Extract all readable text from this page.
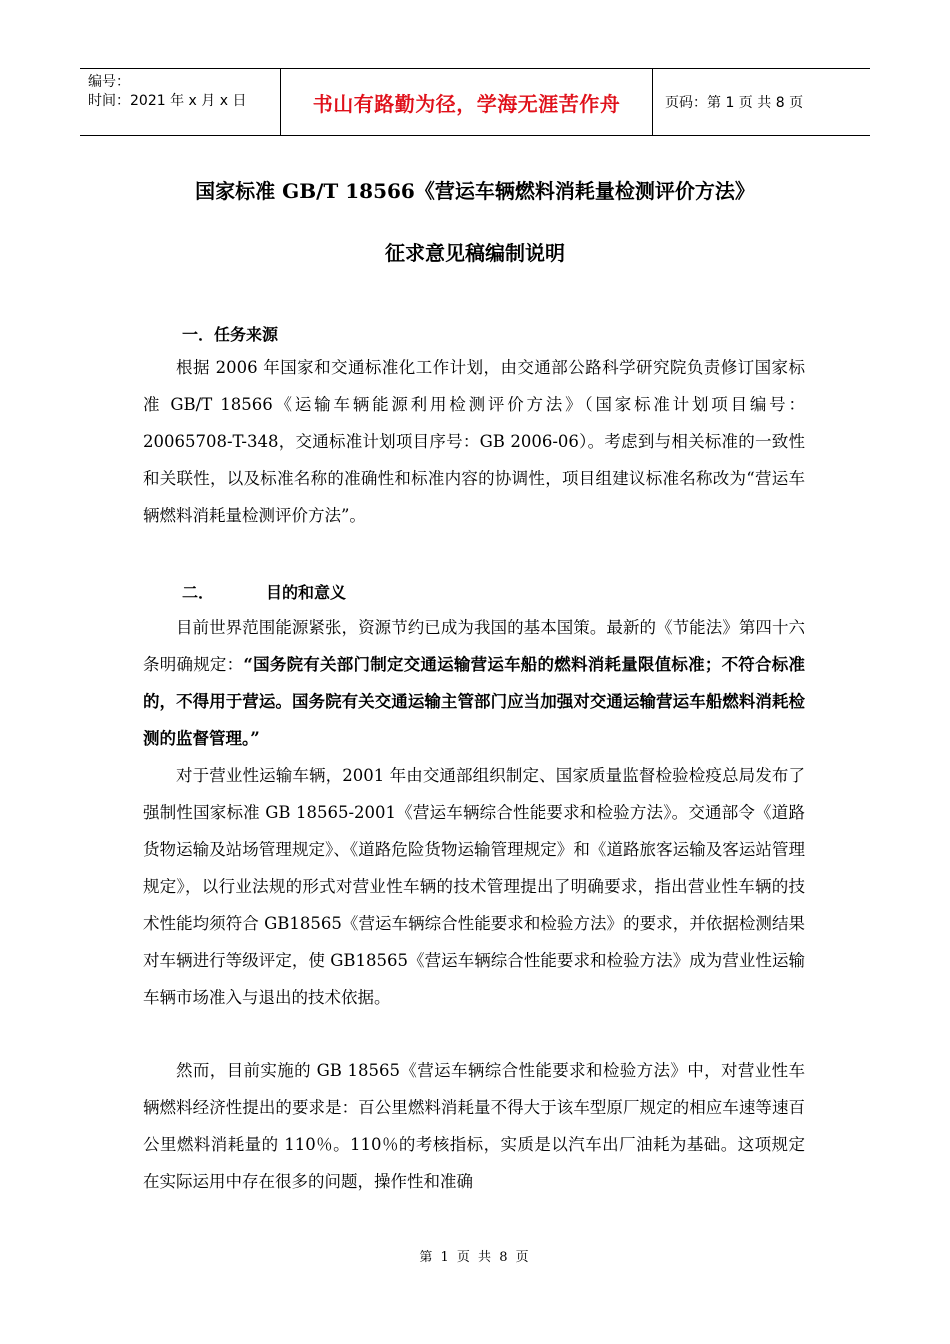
编号：
时间：2021 年 x 月 x 日	书山有路勤为径，学海无涯苦作舟	页码：第 1 页 共 8 页
国家标准 GB/T 18566《营运车辆燃料消耗量检测评价方法》
征求意见稿编制说明
一．任务来源

根据 2006 年国家和交通标准化工作计划，由交通部公路科学研究院负责修订国家标准 GB/T 18566《运输车辆能源利用检测评价方法》（国家标准计划项目编号：20065708-T-348，交通标准计划项目序号：GB 2006-06）。考虑到与相关标准的一致性和关联性，以及标准名称的准确性和标准内容的协调性，项目组建议标准名称改为“营运车辆燃料消耗量检测评价方法”。

二．	目的和意义

目前世界范围能源紧张，资源节约已成为我国的基本国策。最新的《节能法》第四十六条明确规定：“国务院有关部门制定交通运输营运车船的燃料消耗量限值标准；不符合标准的，不得用于营运。国务院有关交通运输主管部门应当加强对交通运输营运车船燃料消耗检测的监督管理。”

对于营业性运输车辆，2001 年由交通部组织制定、国家质量监督检验检疫总局发布了强制性国家标准 GB 18565-2001《营运车辆综合性能要求和检验方法》。交通部令《道路货物运输及站场管理规定》、《道路危险货物运输管理规定》和《道路旅客运输及客运站管理规定》，以行业法规的形式对营业性车辆的技术管理提出了明确要求，指出营业性车辆的技术性能均须符合 GB18565《营运车辆综合性能要求和检验方法》的要求，并依据检测结果对车辆进行等级评定，使 GB18565《营运车辆综合性能要求和检验方法》成为营业性运输车辆市场准入与退出的技术依据。

然而，目前实施的 GB 18565《营运车辆综合性能要求和检验方法》中，对营业性车辆燃料经济性提出的要求是：百公里燃料消耗量不得大于该车型原厂规定的相应车速等速百公里燃料消耗量的 110％。110％的考核指标，实质是以汽车出厂油耗为基础。这项规定在实际运用中存在很多的问题，操作性和准确

第 1 页 共 8 页
